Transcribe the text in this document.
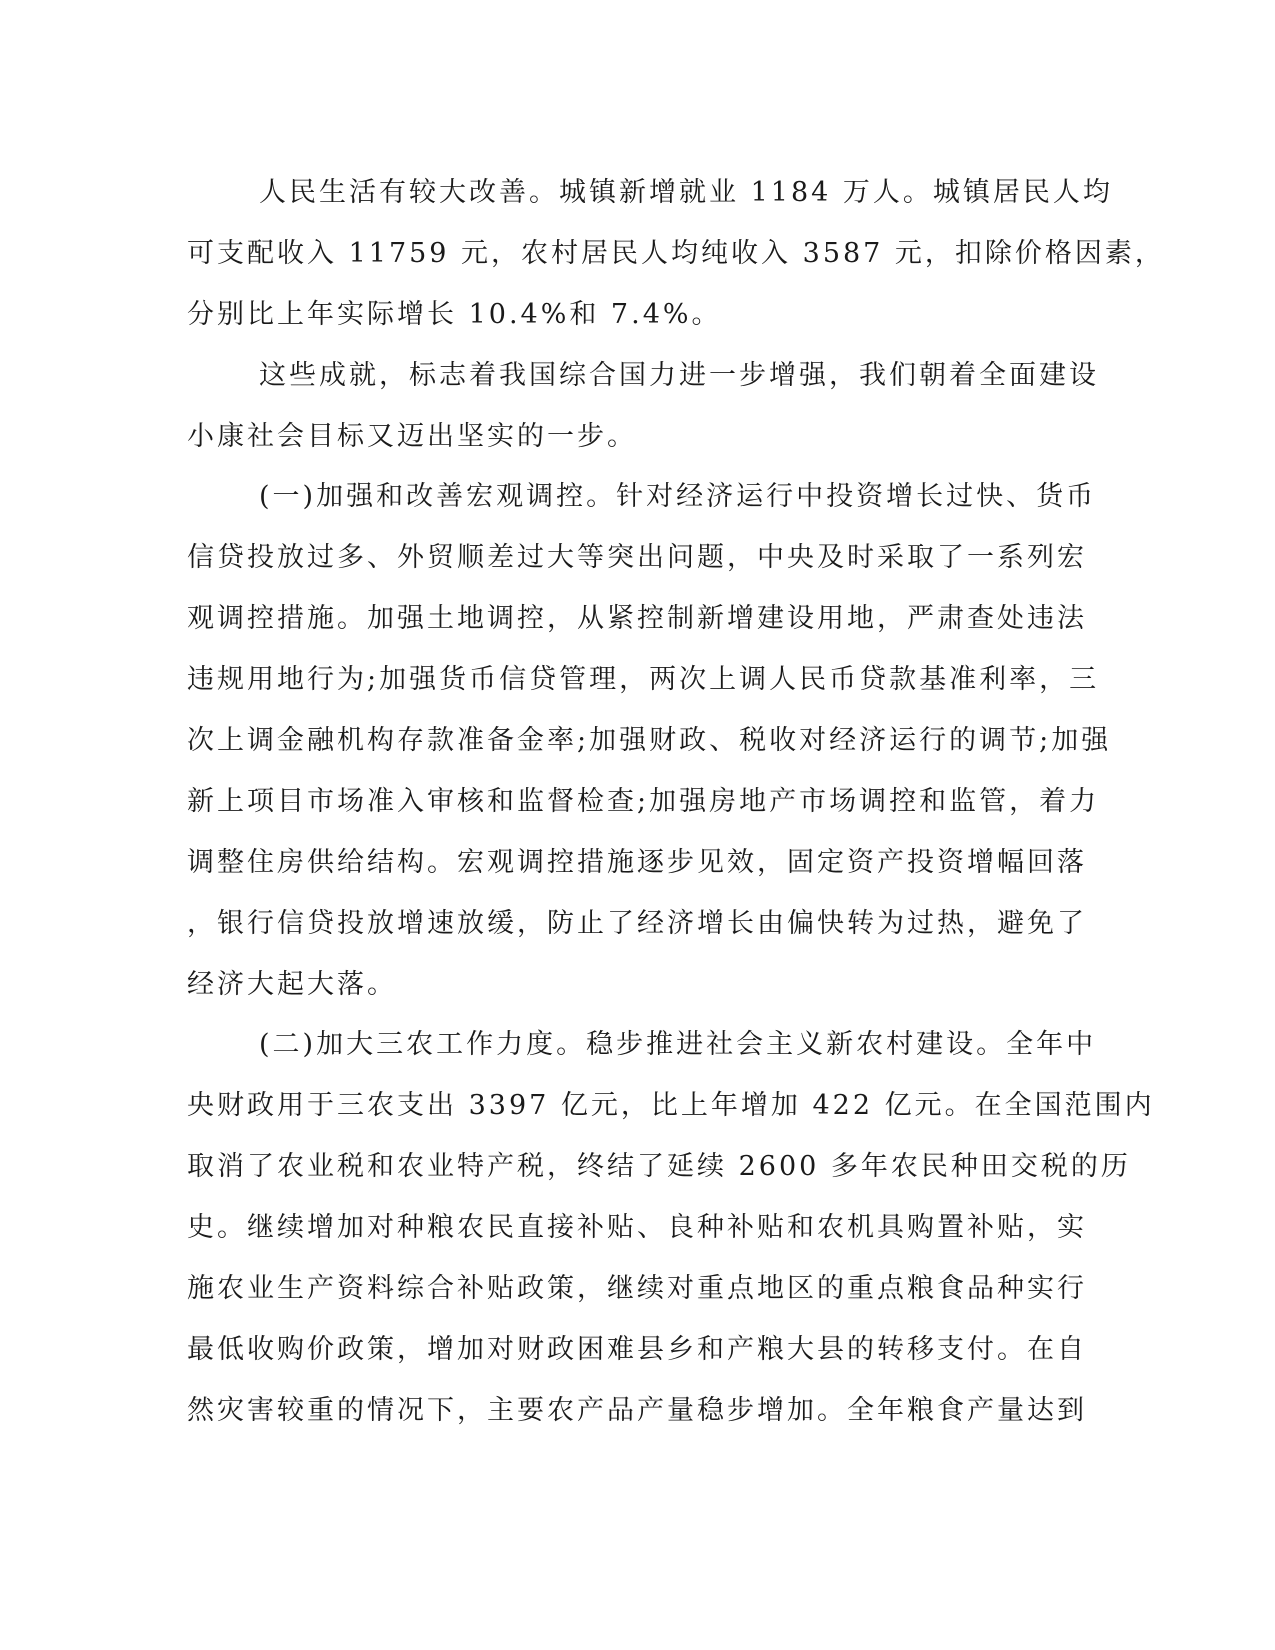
人民生活有较大改善。城镇新增就业 1184 万人。城镇居民人均
可支配收入 11759 元，农村居民人均纯收入 3587 元，扣除价格因素，
分别比上年实际增长 10.4%和 7.4%。
这些成就，标志着我国综合国力进一步增强，我们朝着全面建设
小康社会目标又迈出坚实的一步。
(一)加强和改善宏观调控。针对经济运行中投资增长过快、货币
信贷投放过多、外贸顺差过大等突出问题，中央及时采取了一系列宏
观调控措施。加强土地调控，从紧控制新增建设用地，严肃查处违法
违规用地行为;加强货币信贷管理，两次上调人民币贷款基准利率，三
次上调金融机构存款准备金率;加强财政、税收对经济运行的调节;加强
新上项目市场准入审核和监督检查;加强房地产市场调控和监管，着力
调整住房供给结构。宏观调控措施逐步见效，固定资产投资增幅回落
，银行信贷投放增速放缓，防止了经济增长由偏快转为过热，避免了
经济大起大落。
(二)加大三农工作力度。稳步推进社会主义新农村建设。全年中
央财政用于三农支出 3397 亿元，比上年增加 422 亿元。在全国范围内
取消了农业税和农业特产税，终结了延续 2600 多年农民种田交税的历
史。继续增加对种粮农民直接补贴、良种补贴和农机具购置补贴，实
施农业生产资料综合补贴政策，继续对重点地区的重点粮食品种实行
最低收购价政策，增加对财政困难县乡和产粮大县的转移支付。在自
然灾害较重的情况下，主要农产品产量稳步增加。全年粮食产量达到
